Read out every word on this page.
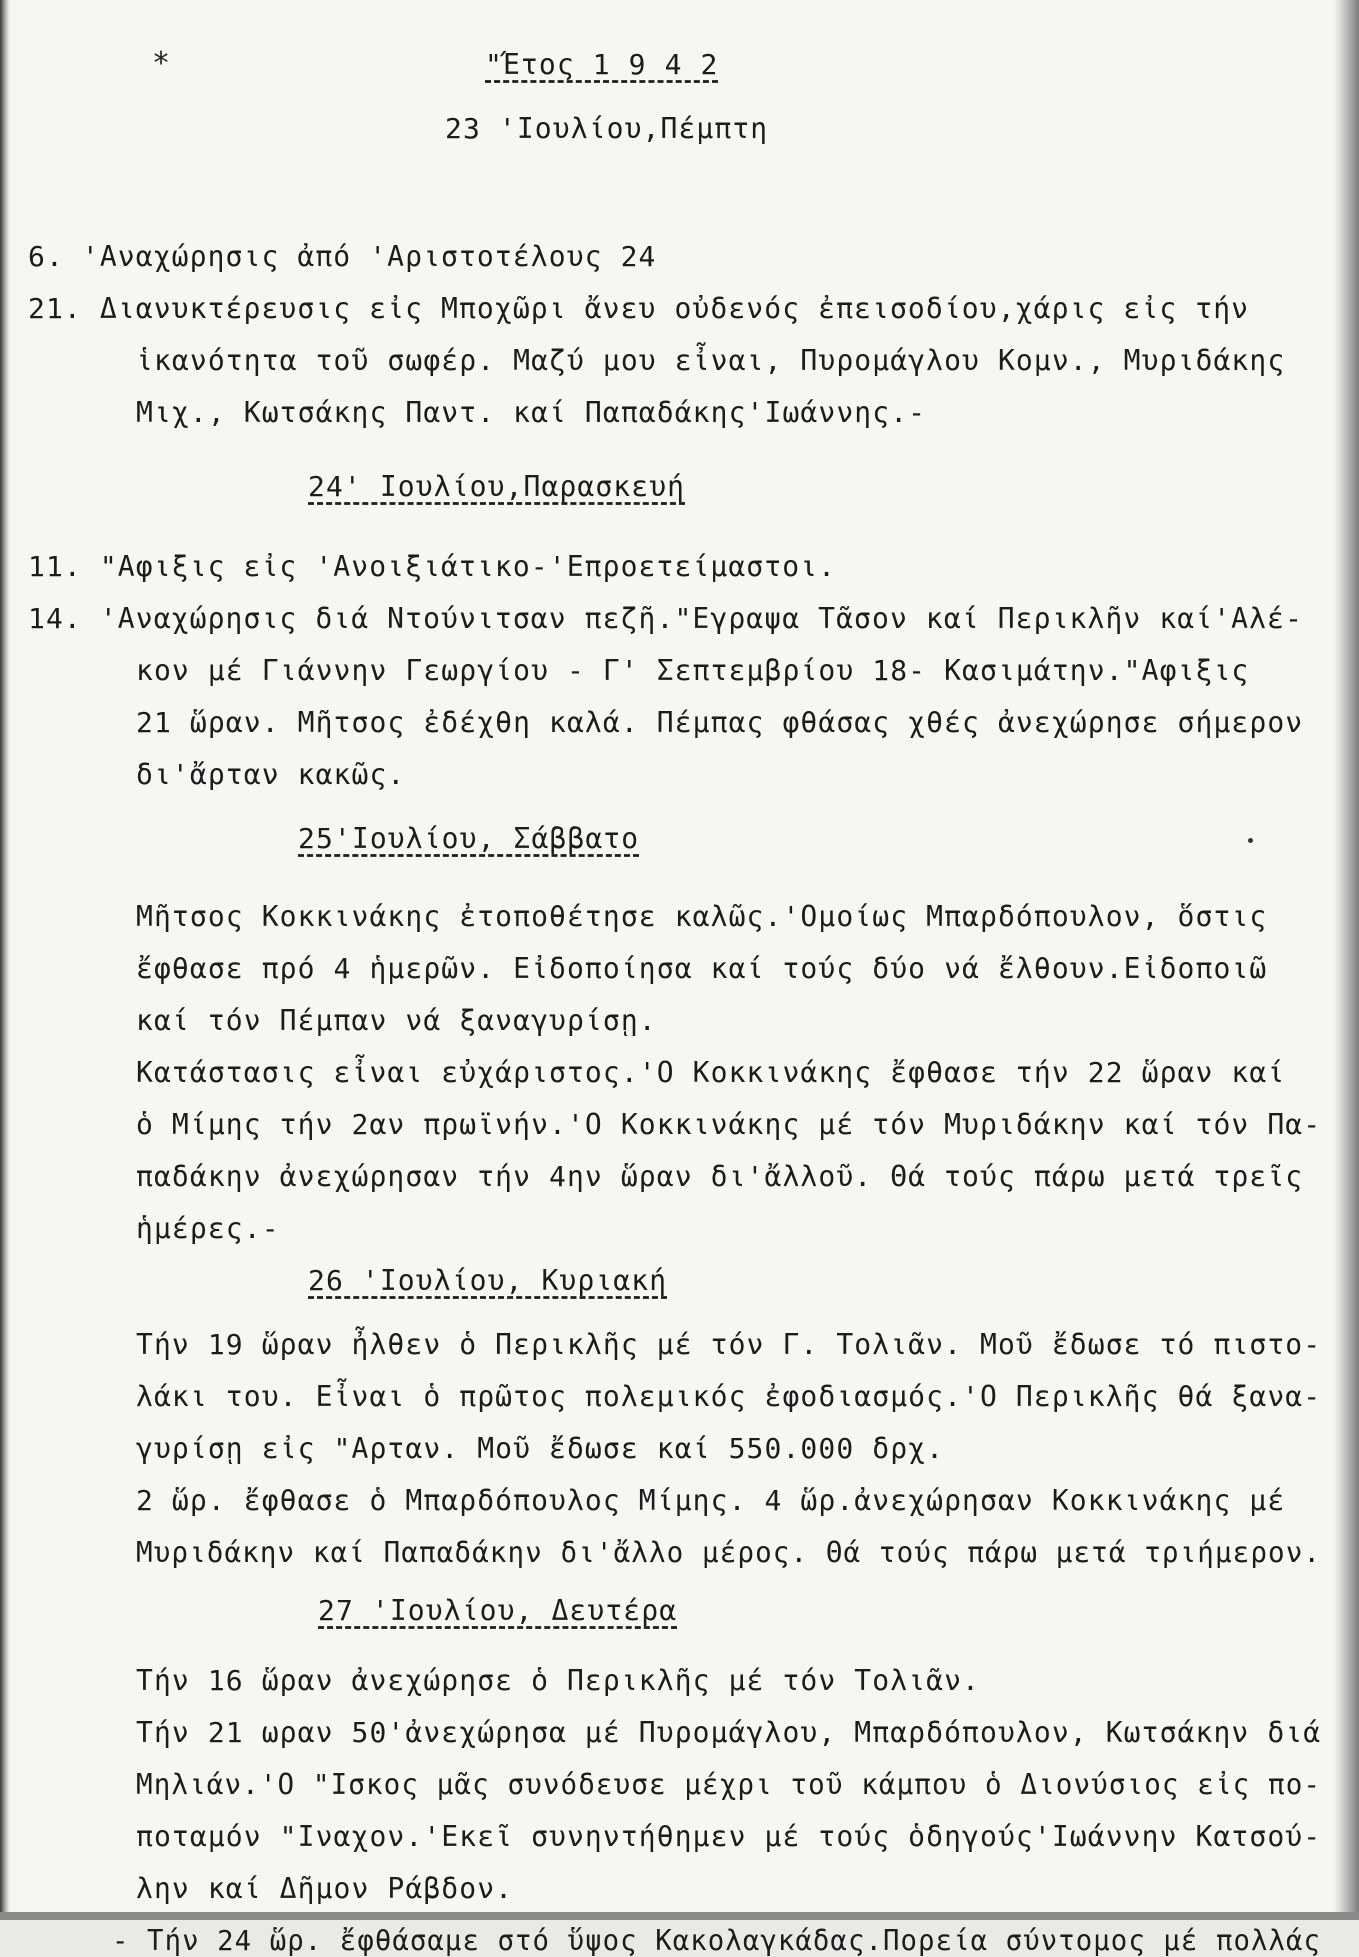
*	"Έτος 1 9 4 2
23 'Ιουλίου,Πέμπτη
6. 'Αναχώρησις ἀπό 'Αριστοτέλους 24
21. Διανυκτέρευσις εἰς Μποχῶρι ἄνευ οὐδενός ἐπεισοδίου,χάρις εἰς τήν
ἱκανότητα τοῦ σωφέρ. Μαζύ μου εἶναι, Πυρομάγλου Κομν., Μυριδάκης
Μιχ., Κωτσάκης Παντ. καί Παπαδάκης'Ιωάννης.-
24' Ιουλίου,Παρασκευή
11. "Αφιξις εἰς 'Ανοιξιάτικο-'Επροετείμαστοι.
14. 'Αναχώρησις διά Ντούνιτσαν πεζῆ."Εγραψα Τᾶσον καί Περικλῆν καί'Αλέ-
κον μέ Γιάννην Γεωργίου - Γ' Σεπτεμβρίου 18- Κασιμάτην."Αφιξις
21 ὥραν. Μῆτσος ἐδέχθη καλά. Πέμπας φθάσας χθές ἀνεχώρησε σήμερον
δι'ἄρταν κακῶς.
25'Ιουλίου, Σάββατο
Μῆτσος Κοκκινάκης ἐτοποθέτησε καλῶς.'Ομοίως Μπαρδόπουλον, ὅστις
ἔφθασε πρό 4 ἡμερῶν. Εἰδοποίησα καί τούς δύο νά ἔλθουν.Εἰδοποιῶ
καί τόν Πέμπαν νά ξαναγυρίσῃ.
Κατάστασις εἶναι εὐχάριστος.'Ο Κοκκινάκης ἔφθασε τήν 22 ὥραν καί
ὁ Μίμης τήν 2αν πρωϊνήν.'Ο Κοκκινάκης μέ τόν Μυριδάκην καί τόν Πα-
παδάκην ἀνεχώρησαν τήν 4ην ὥραν δι'ἄλλοῦ. Θά τούς πάρω μετά τρεῖς
ἡμέρες.-
26 'Ιουλίου, Κυριακή
Τήν 19 ὥραν ἦλθεν ὁ Περικλῆς μέ τόν Γ. Τολιᾶν. Μοῦ ἔδωσε τό πιστο-
λάκι του. Εἶναι ὁ πρῶτος πολεμικός ἐφοδιασμός.'Ο Περικλῆς θά ξανα-
γυρίσῃ εἰς "Αρταν. Μοῦ ἔδωσε καί 550.000 δρχ.
2 ὥρ. ἔφθασε ὁ Μπαρδόπουλος Μίμης. 4 ὥρ.ἀνεχώρησαν Κοκκινάκης μέ
Μυριδάκην καί Παπαδάκην δι'ἄλλο μέρος. Θά τούς πάρω μετά τριήμερον.
27 'Ιουλίου, Δευτέρα
Τήν 16 ὥραν ἀνεχώρησε ὁ Περικλῆς μέ τόν Τολιᾶν.
Τήν 21 ωραν 50'ἀνεχώρησα μέ Πυρομάγλου, Μπαρδόπουλον, Κωτσάκην διά
Μηλιάν.'Ο "Ισκος μᾶς συνόδευσε μέχρι τοῦ κάμπου ὁ Διονύσιος εἰς πο-
ποταμόν "Ιναχον.'Εκεῖ συνηντήθημεν μέ τούς ὁδηγούς'Ιωάννην Κατσού-
λην καί Δῆμον Ράβδον.
- Τήν 24 ὥρ. ἔφθάσαμε στό ὕψος Κακολαγκάδας.Πορεία σύντομος μέ πολλάς
